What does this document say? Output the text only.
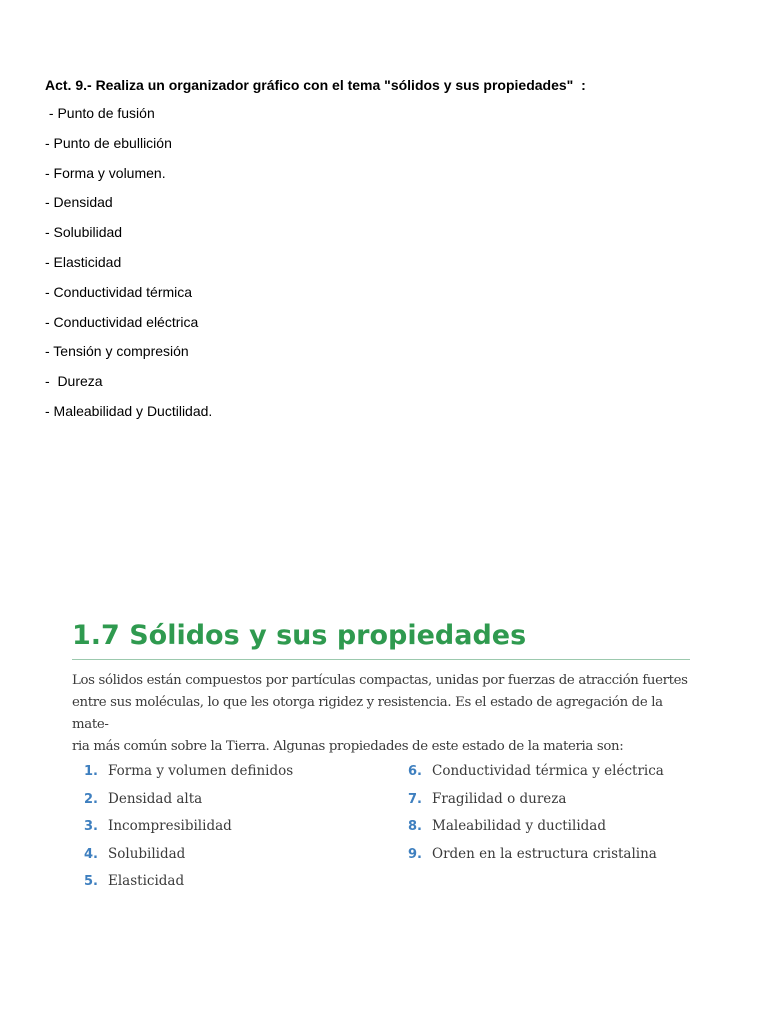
Act. 9.- Realiza un organizador gráfico con el tema "sólidos y sus propiedades"  :

- Punto de fusión
- Punto de ebullición
- Forma y volumen.
- Densidad
- Solubilidad
- Elasticidad
- Conductividad térmica
- Conductividad eléctrica
- Tensión y compresión
-  Dureza
- Maleabilidad y Ductilidad.
1.7 Sólidos y sus propiedades

Los sólidos están compuestos por partículas compactas, unidas por fuerzas de atracción fuertes
entre sus moléculas, lo que les otorga rigidez y resistencia. Es el estado de agregación de la mate-
ria más común sobre la Tierra. Algunas propiedades de este estado de la materia son:

1. Forma y volumen definidos
2. Densidad alta
3. Incompresibilidad
4. Solubilidad
5. Elasticidad
6. Conductividad térmica y eléctrica
7. Fragilidad o dureza
8. Maleabilidad y ductilidad
9. Orden en la estructura cristalina
